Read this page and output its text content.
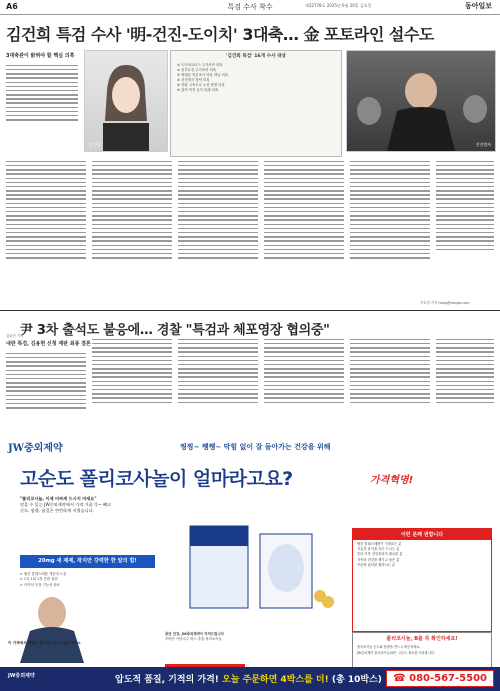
A6	특검 수사 착수	제32778호 2025년 6월 20일 금요일	동아일보
김건희 특검 수사 '明-건진-도이치' 3대축… 金 포토라인 설수도
3대축관이 밝혀야 할 핵심 의혹
김건희
'김건희 특검' 16개 수사 대상
① 도이치모터스 주가조작 의혹
② 삼부토건 주가조작 의혹
③ 명태균 여론조사 비용 대납 의혹
④ 건진법사 청탁 의혹
⑤ 양평 고속도로 노선 변경 의혹
⑥ 관저 이전 공사 특혜 의혹
건진법사
이호경 기자 hong@donga.com
尹 3차 출석도 불응에… 경찰 "특검과 체포영장 협의중"
내란 특검, 김용현 신청 재판 최종 결론
김윤진 기자
JW중외제약	찡찡~ 쨍쨍~ 막힘 없이 잘 돌아가는 건강을 위해
고순도 폴리코사놀이 얼마라고요?	가격혁명!
"폴리코사놀, 이제 비싸게 드시지 마세요"
믿을 수 있는 JW중외제약에서 가격 거품 뚝~ 빼고
순도, 함량, 품질은 깐깐하게 지켰습니다.
20mg 새 제제, 작지만 강력한 한 알의 힘!
✔ 혈중 콜레스테롤 개선에 도움
✔ 1일 1회 1정 간편 섭취
✔ 식약처 인정 기능성 원료
이 가격에서 정말로 좋아보시죠? 고순도 99%
중년 건강, JW중외제약이 지켜드립니다
쿠바산 사탕수수 왁스 추출 폴리코사놀
이런 분께 권합니다
혈중 콜레스테롤이 걱정되는 분
기름진 음식을 자주 드시는 분
중년 이후 건강관리가 필요한 분
가족의 건강을 챙기고 싶은 분
꾸준한 관리를 원하시는 분
폴리코사놀, B를 꼭 확인하세요!

폴리코사놀 순도와 함량을 반드시 확인하세요.

JW중외제약 폴리코사놀20은 고순도 원료를 사용합니다.

JW중외제약	압도적 품질, 기적의 가격! 오늘 주문하면 4박스를 더! (총 10박스)	☎ 080-567-5500
